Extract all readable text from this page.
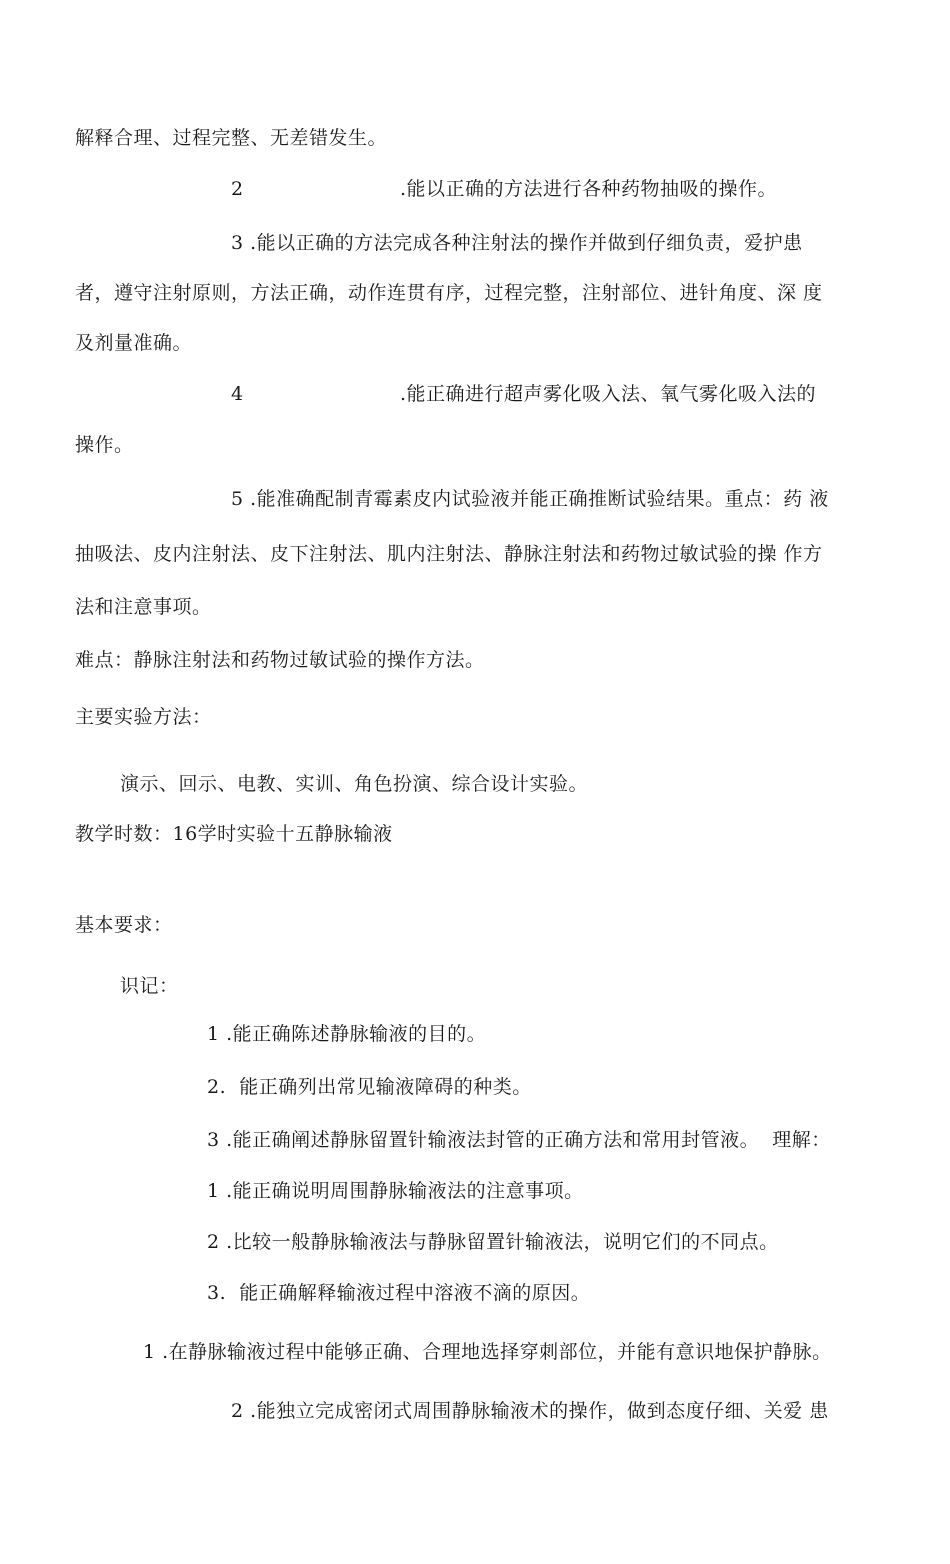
解释合理、过程完整、无差错发生。
2	.能以正确的方法进行各种药物抽吸的操作。
3 .能以正确的方法完成各种注射法的操作并做到仔细负责，爱护患
者，遵守注射原则，方法正确，动作连贯有序，过程完整，注射部位、进针角度、深 度
及剂量准确。
4	.能正确进行超声雾化吸入法、氧气雾化吸入法的
操作。
5 .能准确配制青霉素皮内试验液并能正确推断试验结果。重点：药 液
抽吸法、皮内注射法、皮下注射法、肌内注射法、静脉注射法和药物过敏试验的操 作方
法和注意事项。
难点：静脉注射法和药物过敏试验的操作方法。
主要实验方法：
演示、回示、电教、实训、角色扮演、综合设计实验。
教学时数：16学时实验十五静脉输液
基本要求：
识记：
1 .能正确陈述静脉输液的目的。
2.  能正确列出常见输液障碍的种类。
3 .能正确阐述静脉留置针输液法封管的正确方法和常用封管液。  理解：
1 .能正确说明周围静脉输液法的注意事项。
2 .比较一般静脉输液法与静脉留置针输液法，说明它们的不同点。
3.  能正确解释输液过程中溶液不滴的原因。
1 .在静脉输液过程中能够正确、合理地选择穿刺部位，并能有意识地保护静脉。
2 .能独立完成密闭式周围静脉输液术的操作，做到态度仔细、关爱 患
